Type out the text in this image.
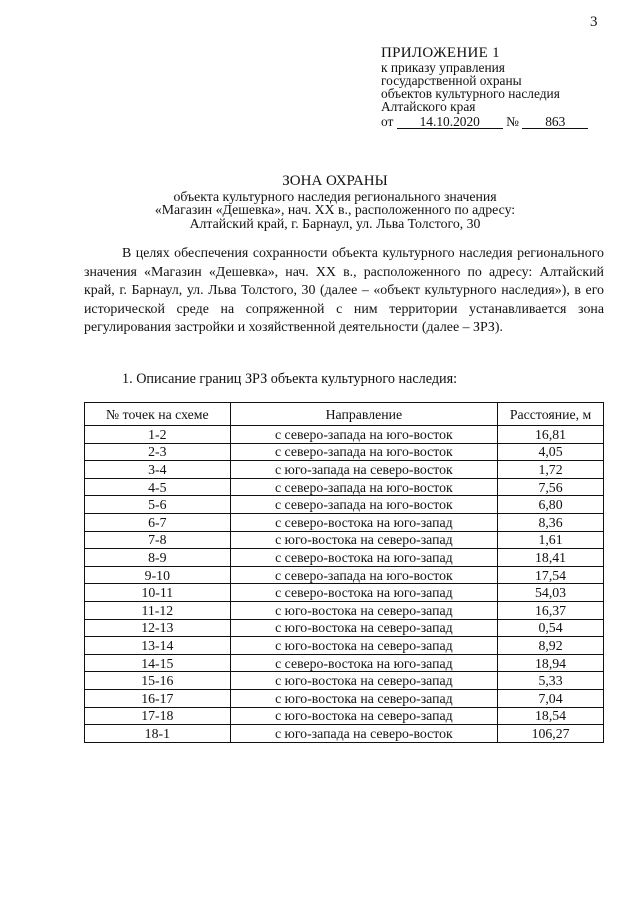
3
ПРИЛОЖЕНИЕ 1
к приказу управления
государственной охраны
объектов культурного наследия
Алтайского края
от 14.10.2020 № 863
ЗОНА ОХРАНЫ
объекта культурного наследия регионального значения
«Магазин «Дешевка», нач. XX в., расположенного по адресу:
Алтайский край, г. Барнаул, ул. Льва Толстого, 30

В целях обеспечения сохранности объекта культурного наследия регионального значения «Магазин «Дешевка», нач. XX в., расположенного по адресу: Алтайский край, г. Барнаул, ул. Льва Толстого, 30 (далее – «объект культурного наследия»), в его исторической среде на сопряженной с ним территории устанавливается зона регулирования застройки и хозяйственной деятельности (далее – ЗРЗ).

1. Описание границ ЗРЗ объекта культурного наследия:
№ точек на схеме	Направление	Расстояние, м
1-2	с северо-запада на юго-восток	16,81
2-3	с северо-запада на юго-восток	4,05
3-4	с юго-запада на северо-восток	1,72
4-5	с северо-запада на юго-восток	7,56
5-6	с северо-запада на юго-восток	6,80
6-7	с северо-востока на юго-запад	8,36
7-8	с юго-востока на северо-запад	1,61
8-9	с северо-востока на юго-запад	18,41
9-10	с северо-запада на юго-восток	17,54
10-11	с северо-востока на юго-запад	54,03
11-12	с юго-востока на северо-запад	16,37
12-13	с юго-востока на северо-запад	0,54
13-14	с юго-востока на северо-запад	8,92
14-15	с северо-востока на юго-запад	18,94
15-16	с юго-востока на северо-запад	5,33
16-17	с юго-востока на северо-запад	7,04
17-18	с юго-востока на северо-запад	18,54
18-1	с юго-запада на северо-восток	106,27
